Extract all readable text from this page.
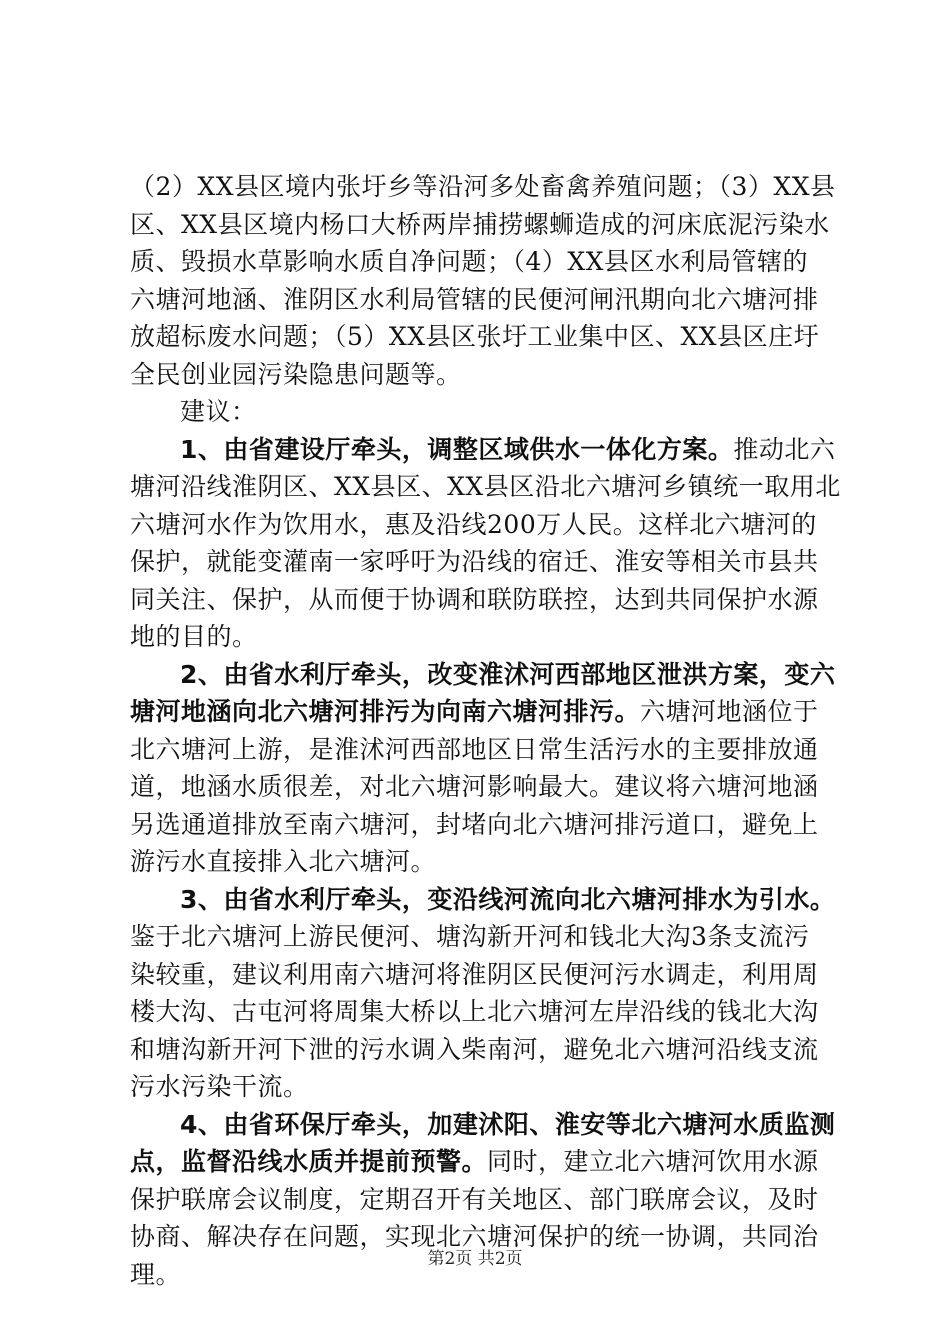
（2）XX县区境内张圩乡等沿河多处畜禽养殖问题；（3）XX县
区、XX县区境内杨口大桥两岸捕捞螺蛳造成的河床底泥污染水
质、毁损水草影响水质自净问题；（4）XX县区水利局管辖的
六塘河地涵、淮阴区水利局管辖的民便河闸汛期向北六塘河排
放超标废水问题；（5）XX县区张圩工业集中区、XX县区庄圩
全民创业园污染隐患问题等。
建议：
1、由省建设厅牵头，调整区域供水一体化方案。推动北六
塘河沿线淮阴区、XX县区、XX县区沿北六塘河乡镇统一取用北
六塘河水作为饮用水，惠及沿线200万人民。这样北六塘河的
保护，就能变灌南一家呼吁为沿线的宿迁、淮安等相关市县共
同关注、保护，从而便于协调和联防联控，达到共同保护水源
地的目的。
2、由省水利厅牵头，改变淮沭河西部地区泄洪方案，变六
塘河地涵向北六塘河排污为向南六塘河排污。六塘河地涵位于
北六塘河上游，是淮沭河西部地区日常生活污水的主要排放通
道，地涵水质很差，对北六塘河影响最大。建议将六塘河地涵
另选通道排放至南六塘河，封堵向北六塘河排污道口，避免上
游污水直接排入北六塘河。
3、由省水利厅牵头，变沿线河流向北六塘河排水为引水。
鉴于北六塘河上游民便河、塘沟新开河和钱北大沟3条支流污
染较重，建议利用南六塘河将淮阴区民便河污水调走，利用周
楼大沟、古屯河将周集大桥以上北六塘河左岸沿线的钱北大沟
和塘沟新开河下泄的污水调入柴南河，避免北六塘河沿线支流
污水污染干流。
4、由省环保厅牵头，加建沭阳、淮安等北六塘河水质监测
点，监督沿线水质并提前预警。同时，建立北六塘河饮用水源
保护联席会议制度，定期召开有关地区、部门联席会议，及时
协商、解决存在问题，实现北六塘河保护的统一协调，共同治
理。
第2页 共2页
